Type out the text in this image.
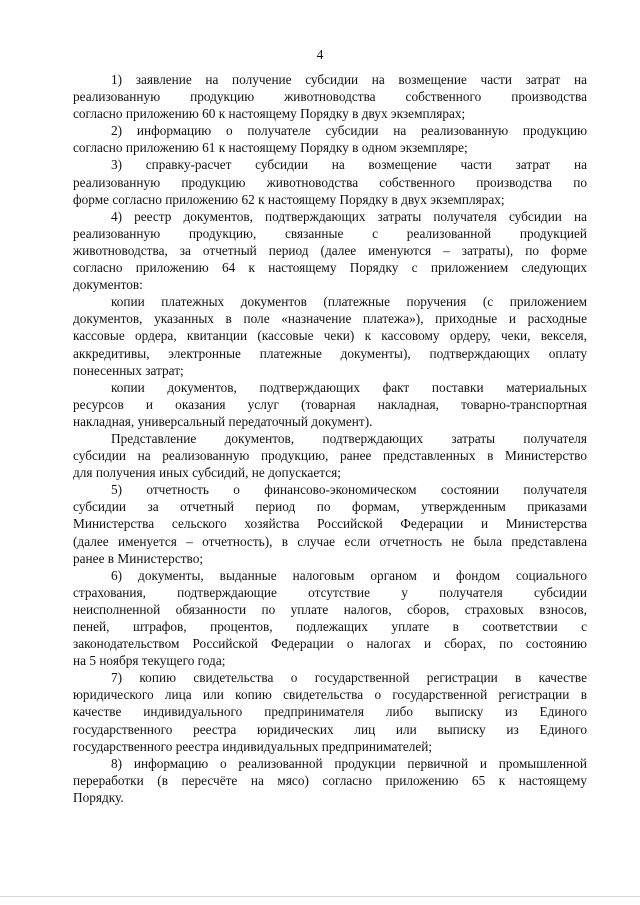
4
1) заявление на получение субсидии на возмещение части затрат на
реализованную продукцию животноводства собственного производства
согласно приложению 60 к настоящему Порядку в двух экземплярах;
2) информацию о получателе субсидии на реализованную продукцию
согласно приложению 61 к настоящему Порядку в одном экземпляре;
3) справку-расчет субсидии на возмещение части затрат на
реализованную продукцию животноводства собственного производства по
форме согласно приложению 62 к настоящему Порядку в двух экземплярах;
4) реестр документов, подтверждающих затраты получателя субсидии на
реализованную продукцию, связанные с реализованной продукцией
животноводства, за отчетный период (далее именуются – затраты), по форме
согласно приложению 64 к настоящему Порядку с приложением следующих
документов:
копии платежных документов (платежные поручения (с приложением
документов, указанных в поле «назначение платежа»), приходные и расходные
кассовые ордера, квитанции (кассовые чеки) к кассовому ордеру, чеки, векселя,
аккредитивы, электронные платежные документы), подтверждающих оплату
понесенных затрат;
копии документов, подтверждающих факт поставки материальных
ресурсов и оказания услуг (товарная накладная, товарно-транспортная
накладная, универсальный передаточный документ).
Представление документов, подтверждающих затраты получателя
субсидии на реализованную продукцию, ранее представленных в Министерство
для получения иных субсидий, не допускается;
5) отчетность о финансово-экономическом состоянии получателя
субсидии за отчетный период по формам, утвержденным приказами
Министерства сельского хозяйства Российской Федерации и Министерства
(далее именуется – отчетность), в случае если отчетность не была представлена
ранее в Министерство;
6) документы, выданные налоговым органом и фондом социального
страхования, подтверждающие отсутствие у получателя субсидии
неисполненной обязанности по уплате налогов, сборов, страховых взносов,
пеней, штрафов, процентов, подлежащих уплате в соответствии с
законодательством Российской Федерации о налогах и сборах, по состоянию
на 5 ноября текущего года;
7) копию свидетельства о государственной регистрации в качестве
юридического лица или копию свидетельства о государственной регистрации в
качестве индивидуального предпринимателя либо выписку из Единого
государственного реестра юридических лиц или выписку из Единого
государственного реестра индивидуальных предпринимателей;
8) информацию о реализованной продукции первичной и промышленной
переработки (в пересчёте на мясо) согласно приложению 65 к настоящему
Порядку.
